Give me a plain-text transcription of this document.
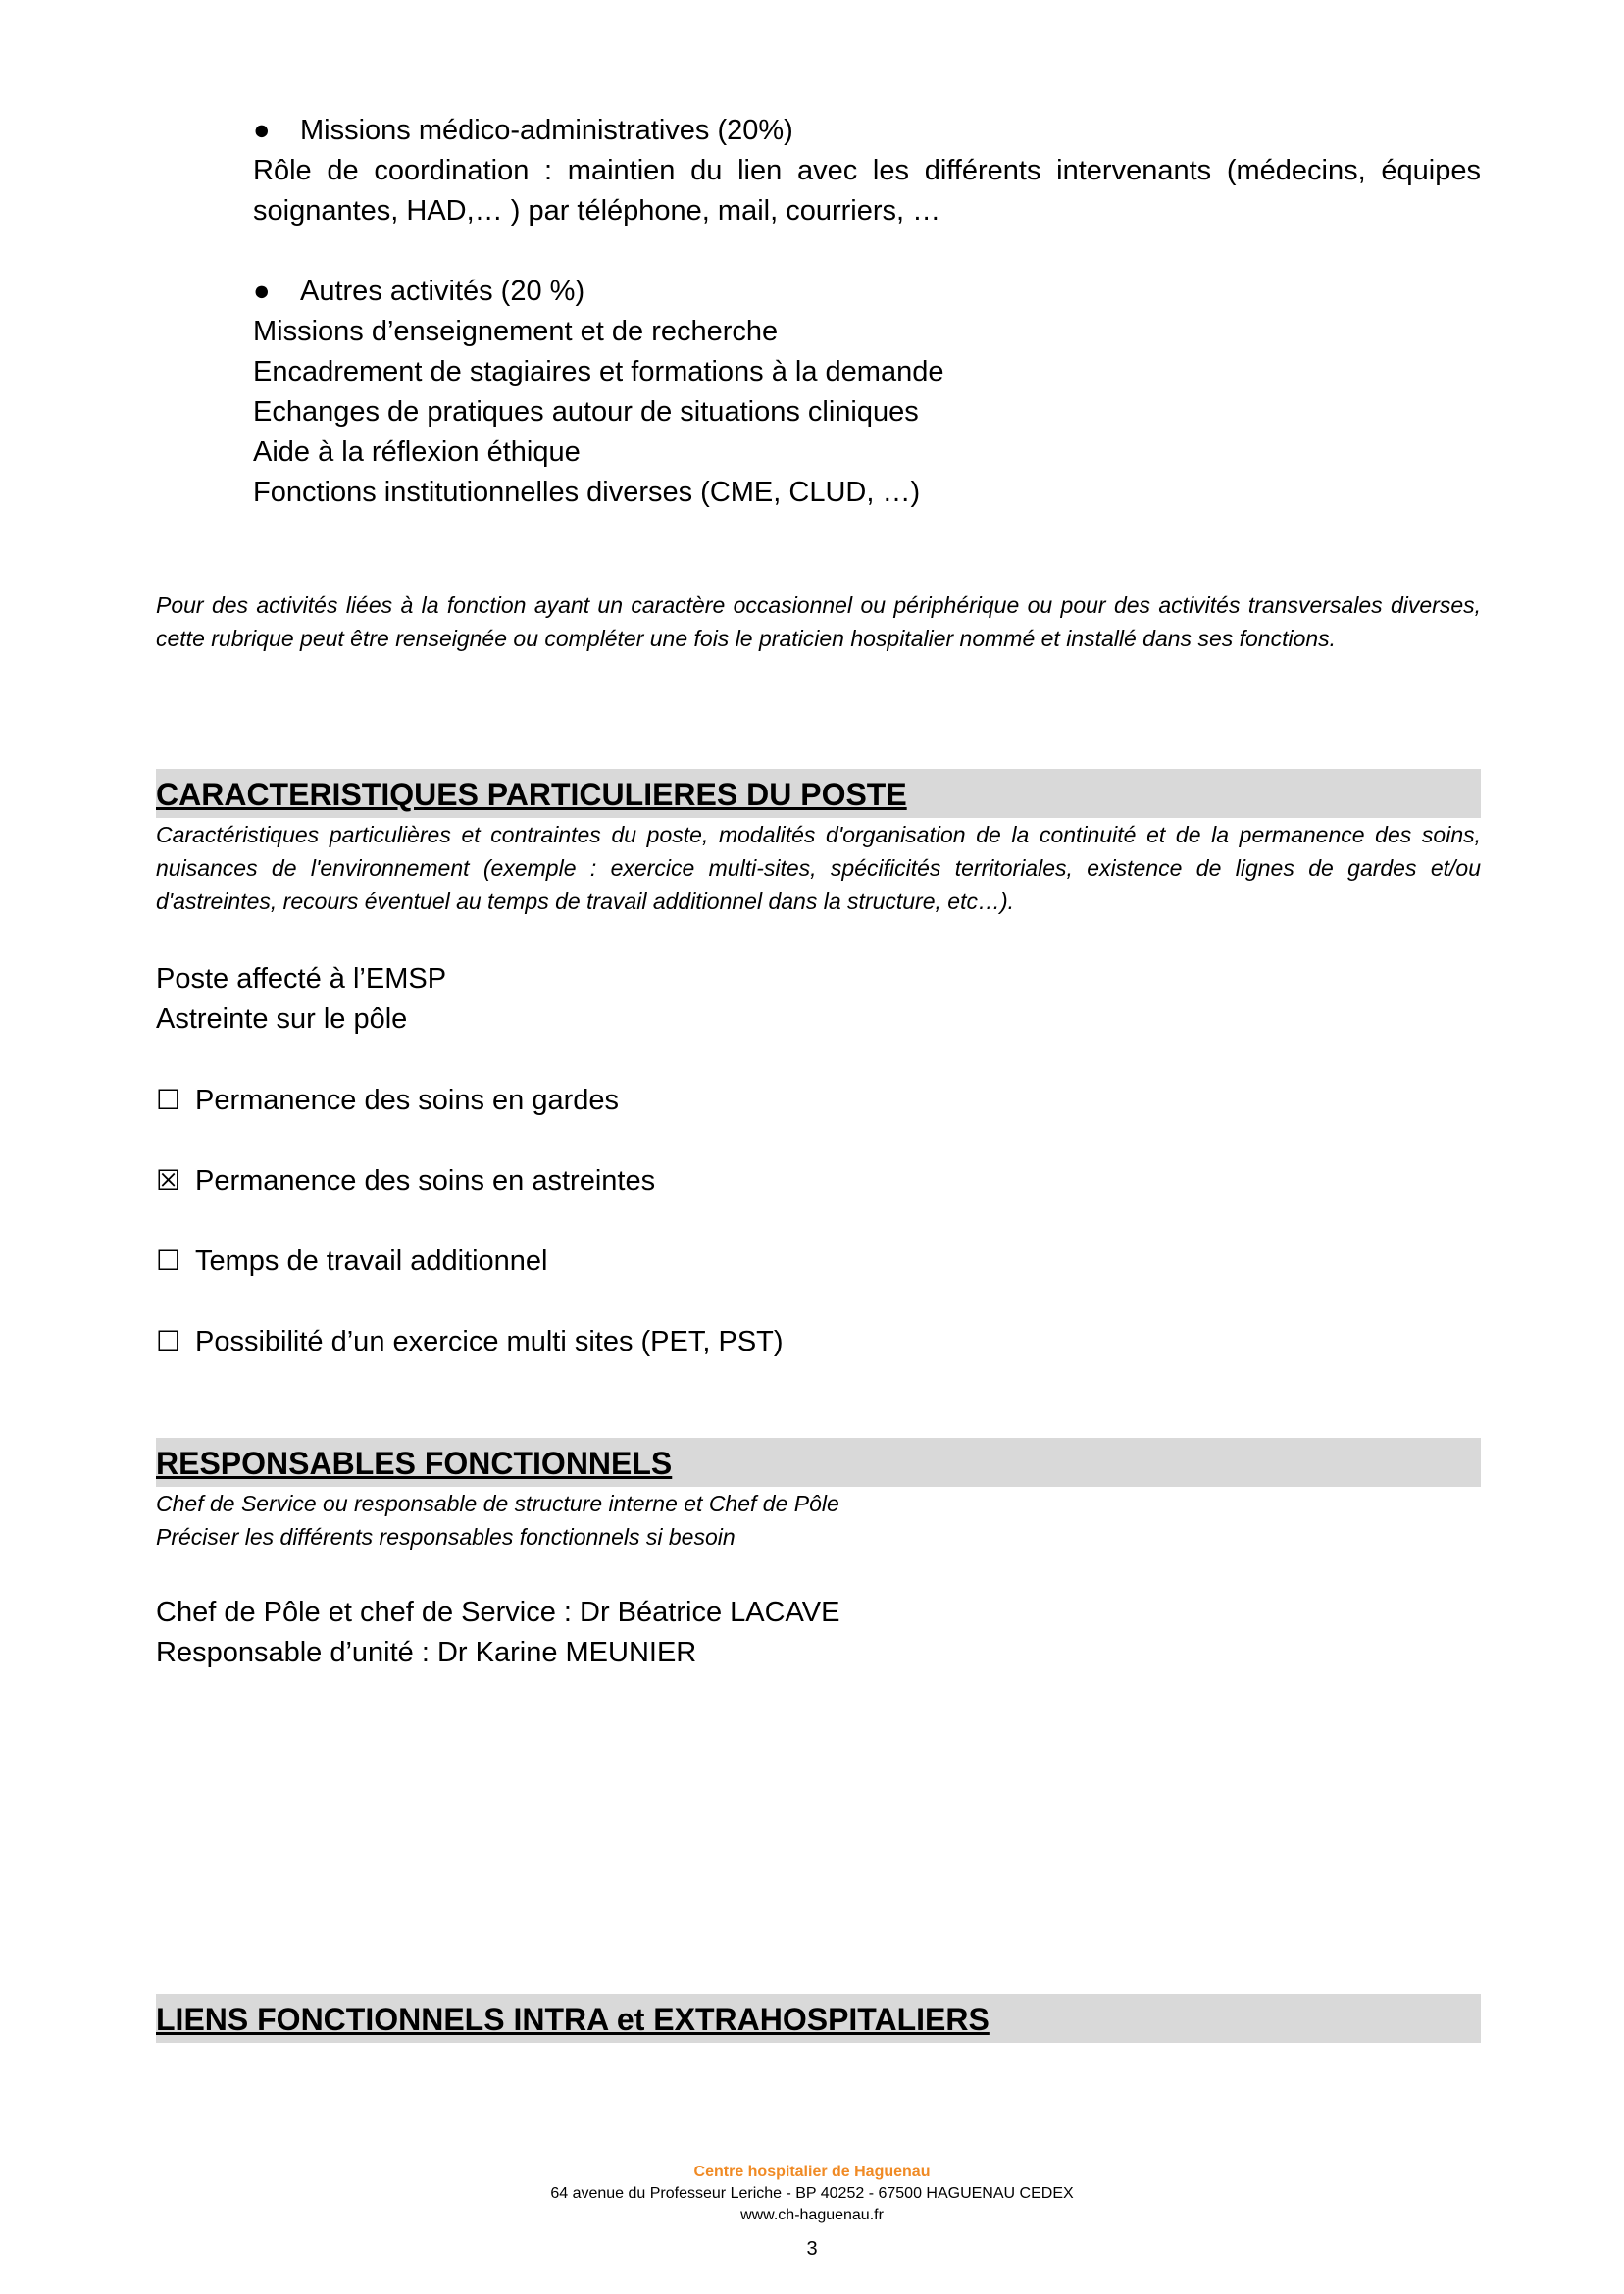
● Missions médico-administratives (20%)
Rôle de coordination : maintien du lien avec les différents intervenants (médecins, équipes soignantes, HAD,… ) par téléphone, mail, courriers, …
● Autres activités (20 %)
Missions d’enseignement et de recherche
Encadrement de stagiaires et formations à la demande
Echanges de pratiques autour de situations cliniques
Aide à la réflexion éthique
Fonctions institutionnelles diverses (CME, CLUD, …)
Pour des activités liées à la fonction ayant un caractère occasionnel ou périphérique ou pour des activités transversales diverses, cette rubrique peut être renseignée ou compléter une fois le praticien hospitalier nommé et installé dans ses fonctions.
CARACTERISTIQUES PARTICULIERES DU POSTE
Caractéristiques particulières et contraintes du poste, modalités d'organisation de la continuité et de la permanence des soins, nuisances de l'environnement (exemple : exercice multi-sites, spécificités territoriales, existence de lignes de gardes et/ou d'astreintes, recours éventuel au temps de travail additionnel dans la structure, etc…).
Poste affecté à l’EMSP
Astreinte sur le pôle
☐ Permanence des soins en gardes
☒ Permanence des soins en astreintes
☐ Temps de travail additionnel
☐ Possibilité d’un exercice multi sites (PET, PST)
RESPONSABLES FONCTIONNELS
Chef de Service ou responsable de structure interne et Chef de Pôle
Préciser les différents responsables fonctionnels si besoin
Chef de Pôle et chef de Service : Dr Béatrice LACAVE
Responsable d’unité : Dr Karine MEUNIER
LIENS FONCTIONNELS INTRA et EXTRAHOSPITALIERS
Centre hospitalier de Haguenau
64 avenue du Professeur Leriche - BP 40252 - 67500 HAGUENAU CEDEX
www.ch-haguenau.fr
3
